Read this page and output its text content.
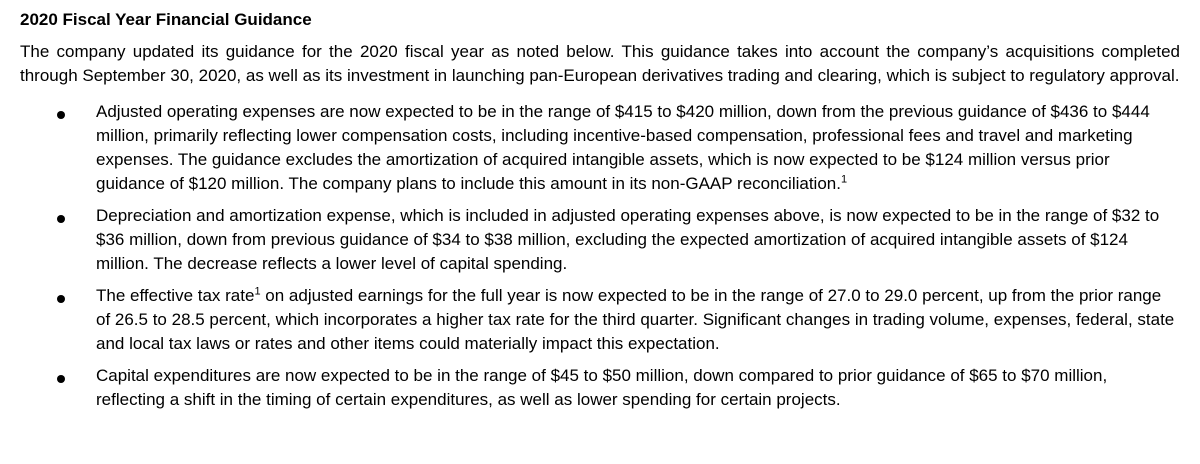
2020 Fiscal Year Financial Guidance
The company updated its guidance for the 2020 fiscal year as noted below. This guidance takes into account the company’s acquisitions completed through September 30, 2020, as well as its investment in launching pan-European derivatives trading and clearing, which is subject to regulatory approval.
Adjusted operating expenses are now expected to be in the range of $415 to $420 million, down from the previous guidance of $436 to $444 million, primarily reflecting lower compensation costs, including incentive-based compensation, professional fees and travel and marketing expenses. The guidance excludes the amortization of acquired intangible assets, which is now expected to be $124 million versus prior guidance of $120 million. The company plans to include this amount in its non-GAAP reconciliation.$^1$
Depreciation and amortization expense, which is included in adjusted operating expenses above, is now expected to be in the range of $32 to $36 million, down from previous guidance of $34 to $38 million, excluding the expected amortization of acquired intangible assets of $124 million. The decrease reflects a lower level of capital spending.
The effective tax rate$^1$ on adjusted earnings for the full year is now expected to be in the range of 27.0 to 29.0 percent, up from the prior range of 26.5 to 28.5 percent, which incorporates a higher tax rate for the third quarter. Significant changes in trading volume, expenses, federal, state and local tax laws or rates and other items could materially impact this expectation.
Capital expenditures are now expected to be in the range of $45 to $50 million, down compared to prior guidance of $65 to $70 million, reflecting a shift in the timing of certain expenditures, as well as lower spending for certain projects.
